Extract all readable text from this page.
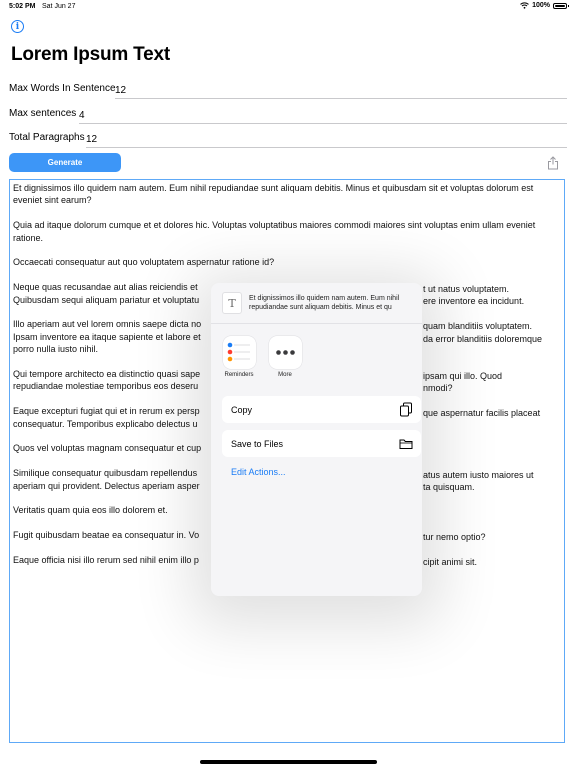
5:02 PM Sat Jun 27	100%
i
Lorem Ipsum Text
Max Words In Sentence
12
Max sentences
4
Total Paragraphs
12
Generate

Et dignissimos illo quidem nam autem. Eum nihil repudiandae sunt aliquam debitis. Minus et quibusdam sit et voluptas dolorum est eveniet sint earum?

Quia ad itaque dolorum cumque et et dolores hic. Voluptas voluptatibus maiores commodi maiores sint voluptas enim ullam eveniet ratione.

Occaecati consequatur aut quo voluptatem aspernatur ratione id?

Neque quas recusandae aut alias reiciendis et
Quibusdam sequi aliquam pariatur et voluptatu

Illo aperiam aut vel lorem omnis saepe dicta no
Ipsam inventore ea itaque sapiente et labore et
porro nulla iusto nihil.

Qui tempore architecto ea distinctio quasi sape
repudiandae molestiae temporibus eos deseru

Eaque excepturi fugiat qui et in rerum ex persp
consequatur. Temporibus explicabo delectus u

Quos vel voluptas magnam consequatur et cup

Similique consequatur quibusdam repellendus
aperiam qui provident. Delectus aperiam asper

Veritatis quam quia eos illo dolorem et.

Fugit quibusdam beatae ea consequatur in. Vo

Eaque officia nisi illo rerum sed nihil enim illo p

t ut natus voluptatem.
ere inventore ea incidunt.
quam blanditiis voluptatem.
da error blanditiis doloremque
ipsam qui illo. Quod
nmodi?
que aspernatur facilis placeat
atus autem iusto maiores ut
ta quisquam.
tur nemo optio?
cipit animi sit.
T	Et dignissimos illo quidem nam autem. Eum nihil repudiandae sunt aliquam debitis. Minus et qu
Reminders	More
Copy
Save to Files
Edit Actions...
